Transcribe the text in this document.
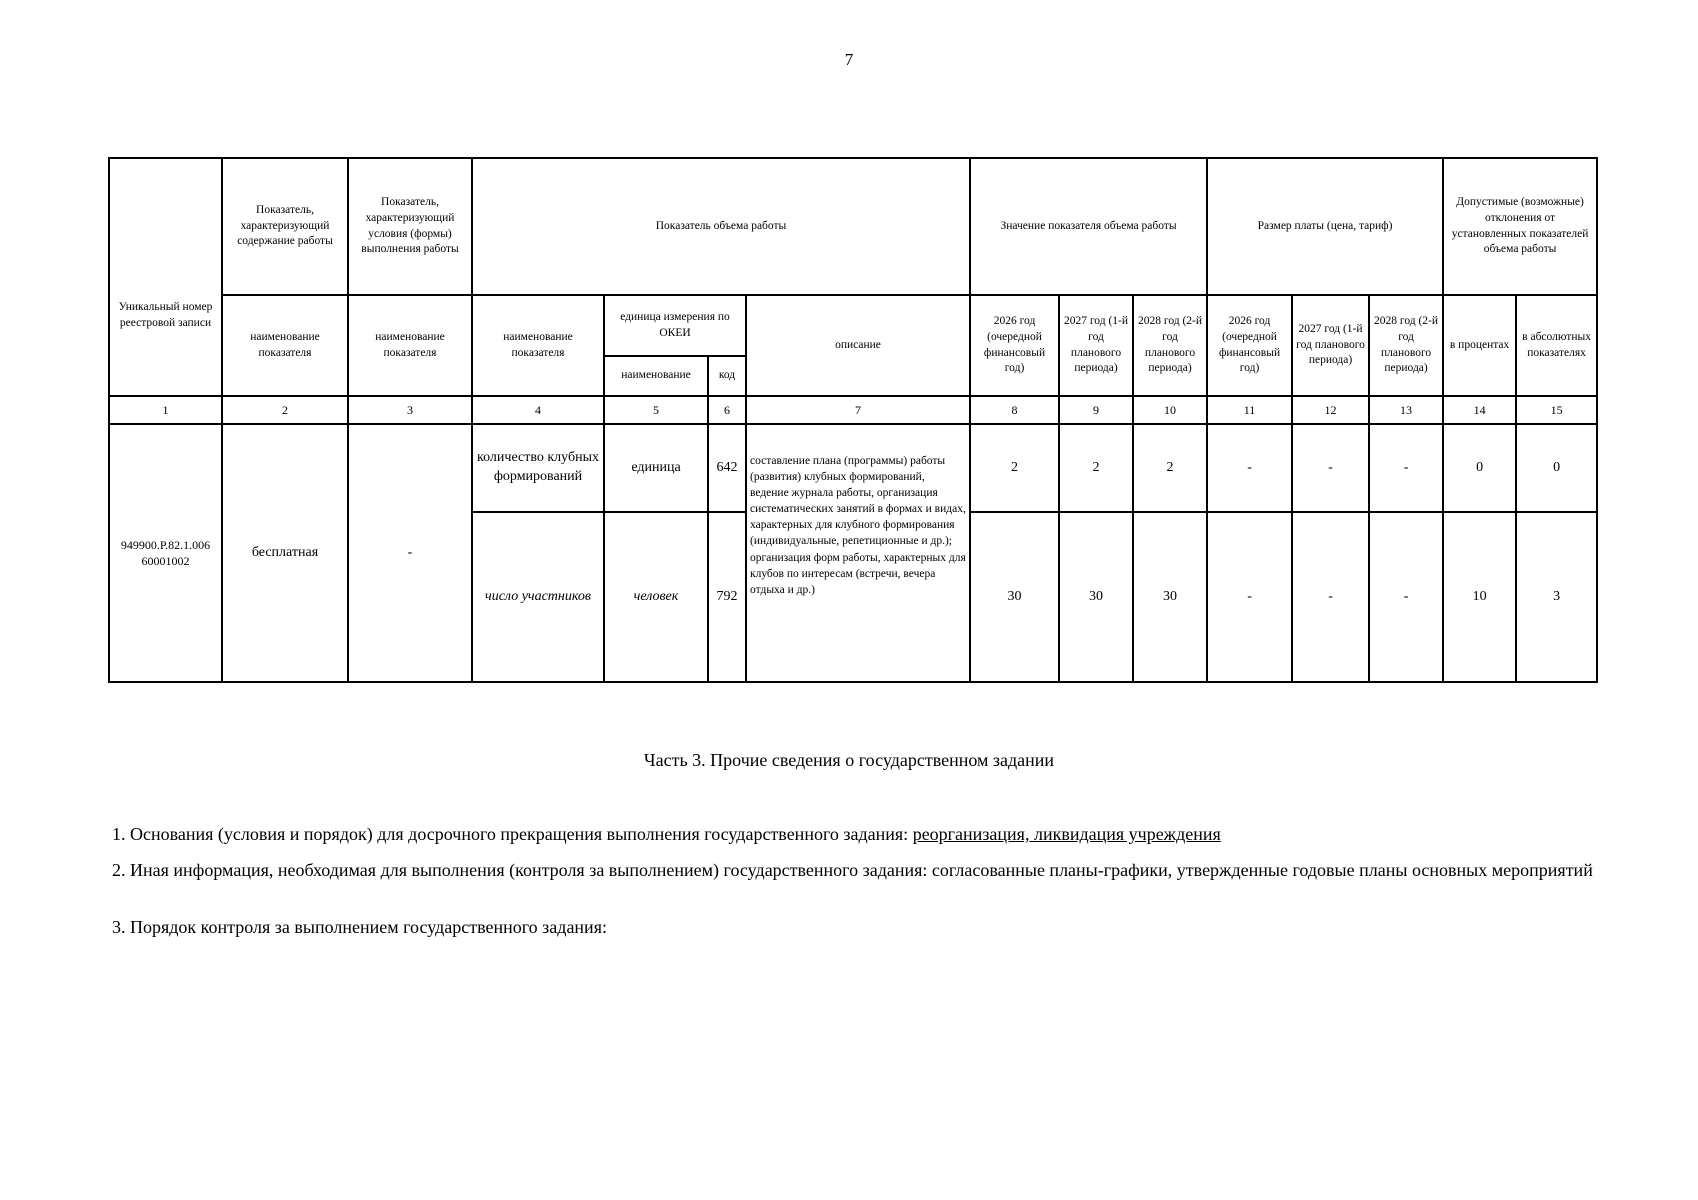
7
Уникальный номер реестровой записи	Показатель, характеризующий содержание работы	Показатель, характеризующий условия (формы) выполнения работы	Показатель объема работы				Значение показателя объема работы			Размер платы (цена, тариф)			Допустимые (возможные) отклонения от установленных показателей объема работы	
	наименование показателя	наименование показателя	наименование показателя	единица измерения по ОКЕИ		описание	2026 год (очередной финансовый год)	2027 год (1-й год планового периода)	2028 год (2-й год планового периода)	2026 год (очередной финансовый год)	2027 год (1-й год планового периода)	2028 год (2-й год планового периода)	в процентах	в абсолютных показателях
				наименование	код									
1	2	3	4	5	6	7	8	9	10	11	12	13	14	15
949900.Р.82.1.006 60001002	бесплатная	-	количество клубных формирований	единица	642	составление плана (программы) работы (развития) клубных формирований, ведение журнала работы, организация систематических занятий в формах и видах, характерных для клубного формирования (индивидуальные, репетиционные и др.); организация форм работы, характерных для клубов по интересам (встречи, вечера отдыха и др.)	2	2	2	-	-	-	0	0
			число участников	человек	792		30	30	30	-	-	-	10	3
Часть 3. Прочие сведения о государственном задании
1. Основания (условия и порядок) для досрочного прекращения выполнения государственного задания: реорганизация, ликвидация учреждения
2. Иная информация, необходимая для выполнения (контроля за выполнением) государственного задания: согласованные планы-графики, утвержденные годовые планы основных мероприятий
3. Порядок контроля за выполнением государственного задания:
